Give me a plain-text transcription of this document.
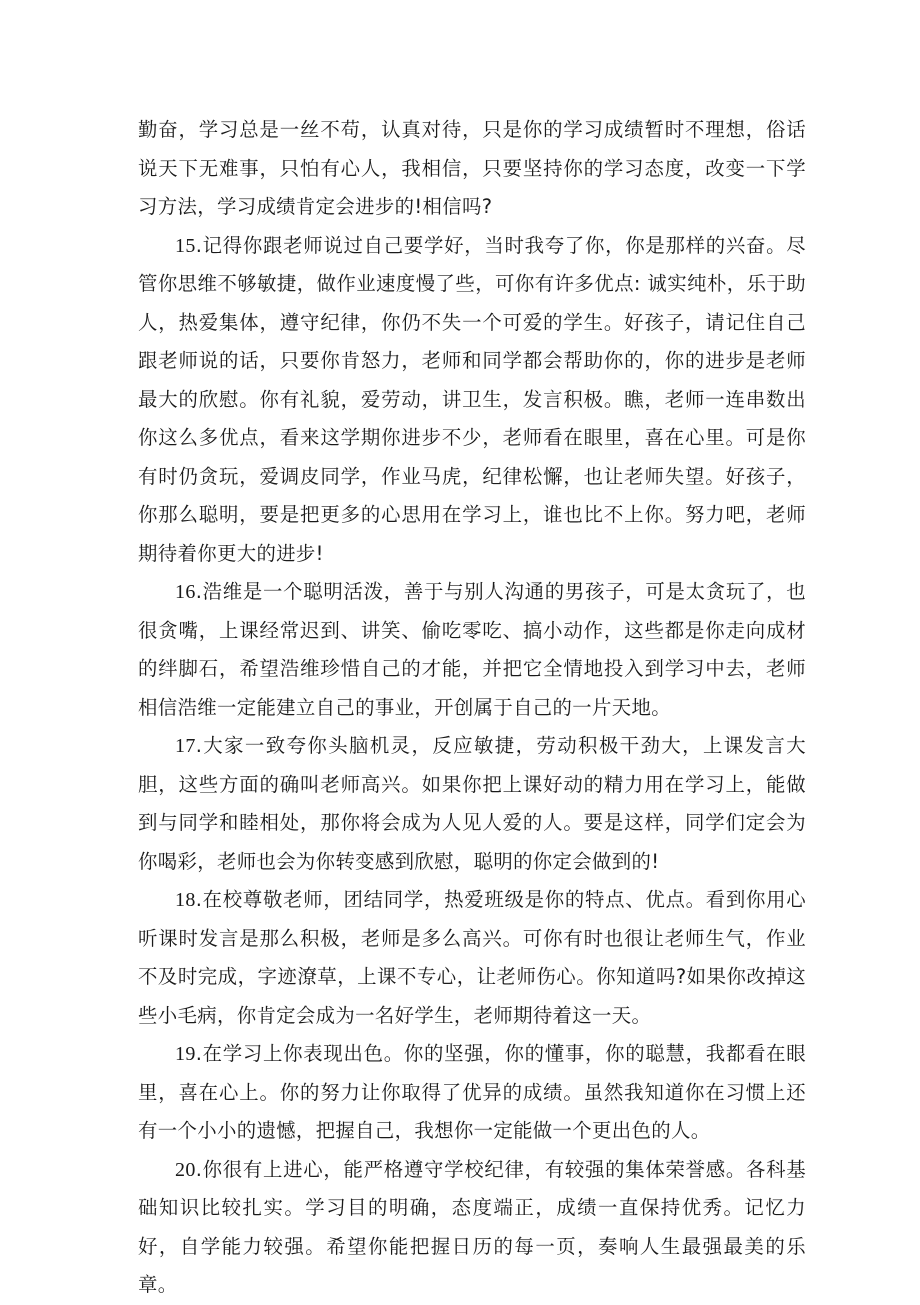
勤奋，学习总是一丝不苟，认真对待，只是你的学习成绩暂时不理想，俗话说天下无难事，只怕有心人，我相信，只要坚持你的学习态度，改变一下学习方法，学习成绩肯定会进步的!相信吗?

15.记得你跟老师说过自己要学好，当时我夸了你，你是那样的兴奋。尽管你思维不够敏捷，做作业速度慢了些，可你有许多优点: 诚实纯朴，乐于助人，热爱集体，遵守纪律，你仍不失一个可爱的学生。好孩子，请记住自己跟老师说的话，只要你肯怒力，老师和同学都会帮助你的，你的进步是老师最大的欣慰。你有礼貌，爱劳动，讲卫生，发言积极。瞧，老师一连串数出你这么多优点，看来这学期你进步不少，老师看在眼里，喜在心里。可是你有时仍贪玩，爱调皮同学，作业马虎，纪律松懈，也让老师失望。好孩子，你那么聪明，要是把更多的心思用在学习上，谁也比不上你。努力吧，老师期待着你更大的进步!

16.浩维是一个聪明活泼，善于与别人沟通的男孩子，可是太贪玩了，也很贪嘴，上课经常迟到、讲笑、偷吃零吃、搞小动作，这些都是你走向成材的绊脚石，希望浩维珍惜自己的才能，并把它全情地投入到学习中去，老师相信浩维一定能建立自己的事业，开创属于自己的一片天地。

17.大家一致夸你头脑机灵，反应敏捷，劳动积极干劲大，上课发言大胆，这些方面的确叫老师高兴。如果你把上课好动的精力用在学习上，能做到与同学和睦相处，那你将会成为人见人爱的人。要是这样，同学们定会为你喝彩，老师也会为你转变感到欣慰，聪明的你定会做到的!

18.在校尊敬老师，团结同学，热爱班级是你的特点、优点。看到你用心听课时发言是那么积极，老师是多么高兴。可你有时也很让老师生气，作业不及时完成，字迹潦草，上课不专心，让老师伤心。你知道吗?如果你改掉这些小毛病，你肯定会成为一名好学生，老师期待着这一天。

19.在学习上你表现出色。你的坚强，你的懂事，你的聪慧，我都看在眼里，喜在心上。你的努力让你取得了优异的成绩。虽然我知道你在习惯上还有一个小小的遗憾，把握自己，我想你一定能做一个更出色的人。

20.你很有上进心，能严格遵守学校纪律，有较强的集体荣誉感。各科基础知识比较扎实。学习目的明确，态度端正，成绩一直保持优秀。记忆力好，自学能力较强。希望你能把握日历的每一页，奏响人生最强最美的乐章。
